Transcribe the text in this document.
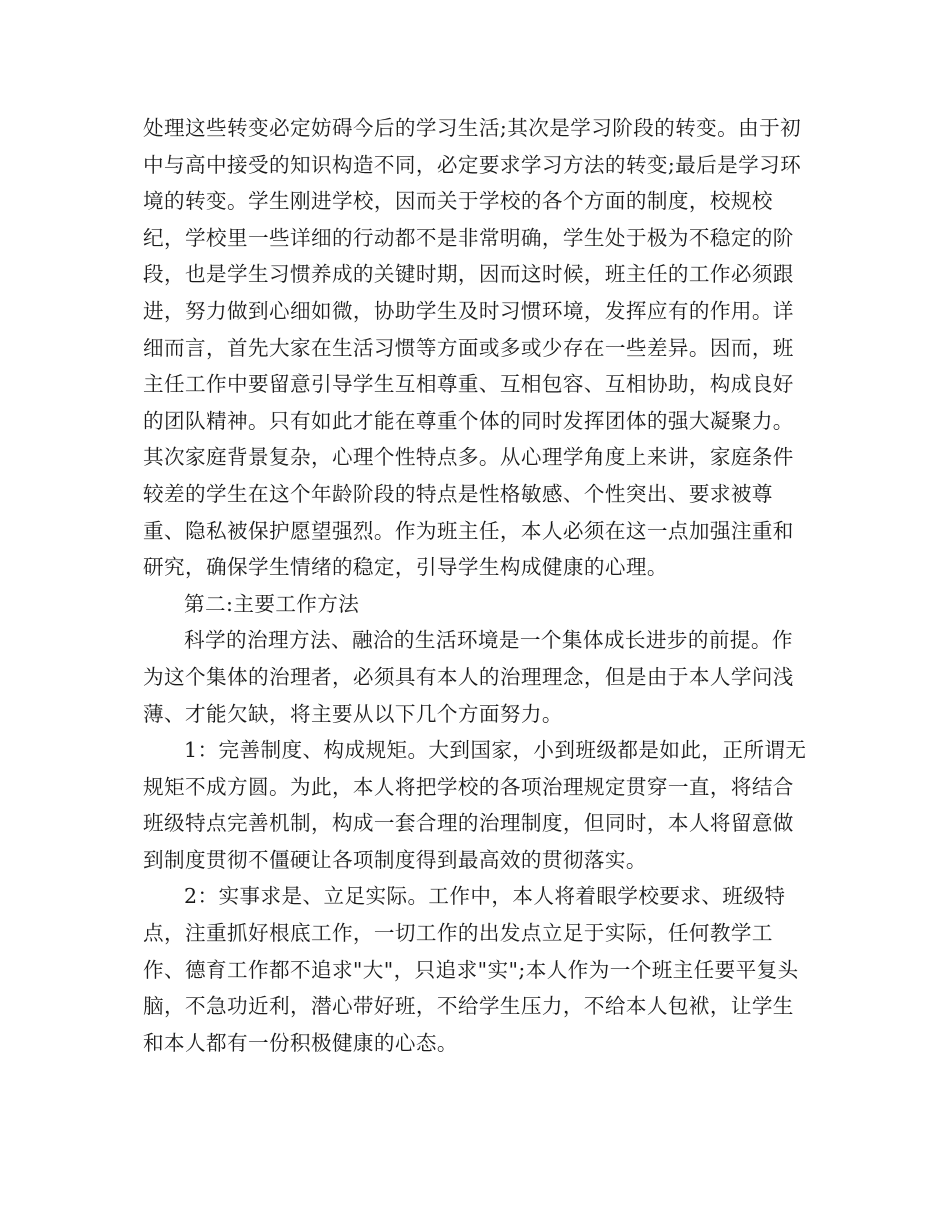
处理这些转变必定妨碍今后的学习生活;其次是学习阶段的转变。由于初中与高中接受的知识构造不同，必定要求学习方法的转变;最后是学习环境的转变。学生刚进学校，因而关于学校的各个方面的制度，校规校纪，学校里一些详细的行动都不是非常明确，学生处于极为不稳定的阶段，也是学生习惯养成的关键时期，因而这时候，班主任的工作必须跟进，努力做到心细如微，协助学生及时习惯环境，发挥应有的作用。详细而言，首先大家在生活习惯等方面或多或少存在一些差异。因而，班主任工作中要留意引导学生互相尊重、互相包容、互相协助，构成良好的团队精神。只有如此才能在尊重个体的同时发挥团体的强大凝聚力。其次家庭背景复杂，心理个性特点多。从心理学角度上来讲，家庭条件较差的学生在这个年龄阶段的特点是性格敏感、个性突出、要求被尊重、隐私被保护愿望强烈。作为班主任，本人必须在这一点加强注重和研究，确保学生情绪的稳定，引导学生构成健康的心理。

第二:主要工作方法

科学的治理方法、融洽的生活环境是一个集体成长进步的前提。作为这个集体的治理者，必须具有本人的治理理念，但是由于本人学问浅薄、才能欠缺，将主要从以下几个方面努力。

1：完善制度、构成规矩。大到国家，小到班级都是如此，正所谓无规矩不成方圆。为此，本人将把学校的各项治理规定贯穿一直，将结合班级特点完善机制，构成一套合理的治理制度，但同时，本人将留意做到制度贯彻不僵硬让各项制度得到最高效的贯彻落实。

2：实事求是、立足实际。工作中，本人将着眼学校要求、班级特点，注重抓好根底工作，一切工作的出发点立足于实际，任何教学工作、德育工作都不追求"大"，只追求"实";本人作为一个班主任要平复头脑，不急功近利，潜心带好班，不给学生压力，不给本人包袱，让学生和本人都有一份积极健康的心态。
